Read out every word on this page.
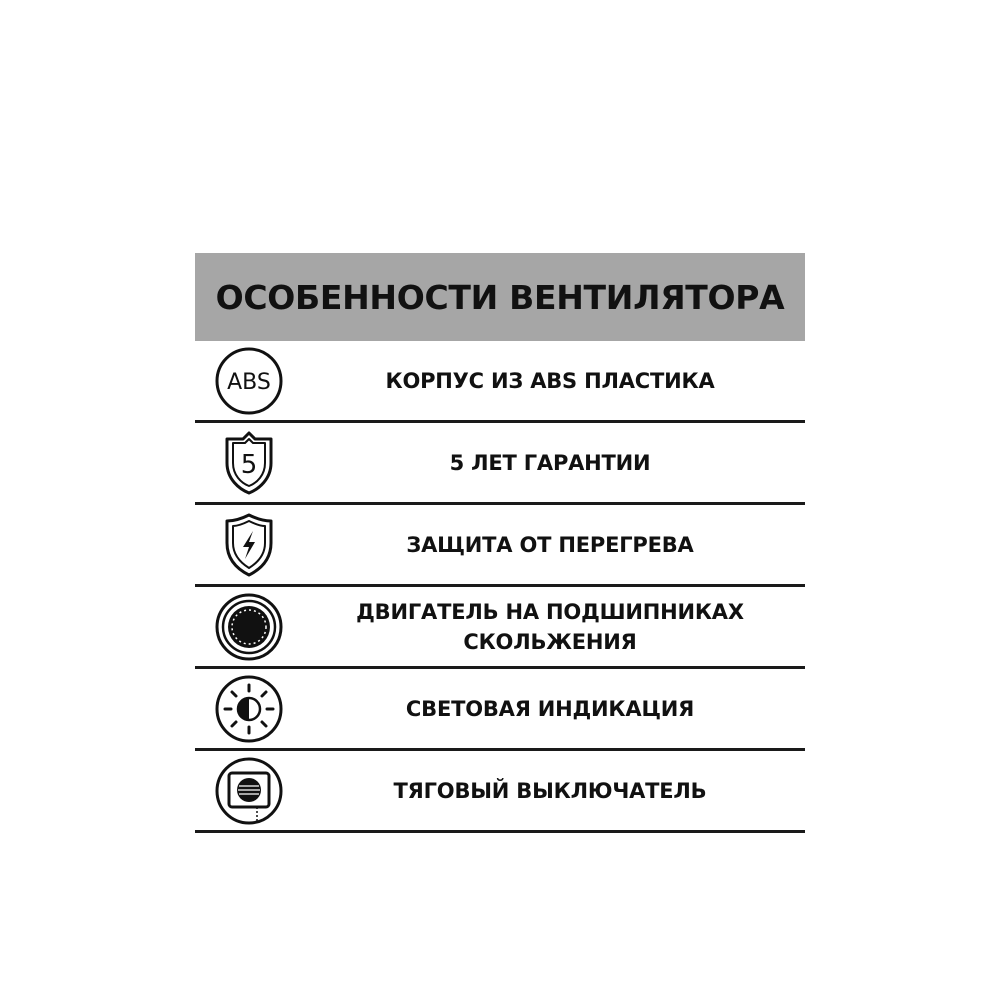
ОСОБЕННОСТИ ВЕНТИЛЯТОРА
ABS	КОРПУС ИЗ ABS ПЛАСТИКА
5	5 ЛЕТ ГАРАНТИИ
ЗАЩИТА ОТ ПЕРЕГРЕВА
ДВИГАТЕЛЬ НА ПОДШИПНИКАХ
СКОЛЬЖЕНИЯ
СВЕТОВАЯ ИНДИКАЦИЯ
ТЯГОВЫЙ ВЫКЛЮЧАТЕЛЬ
